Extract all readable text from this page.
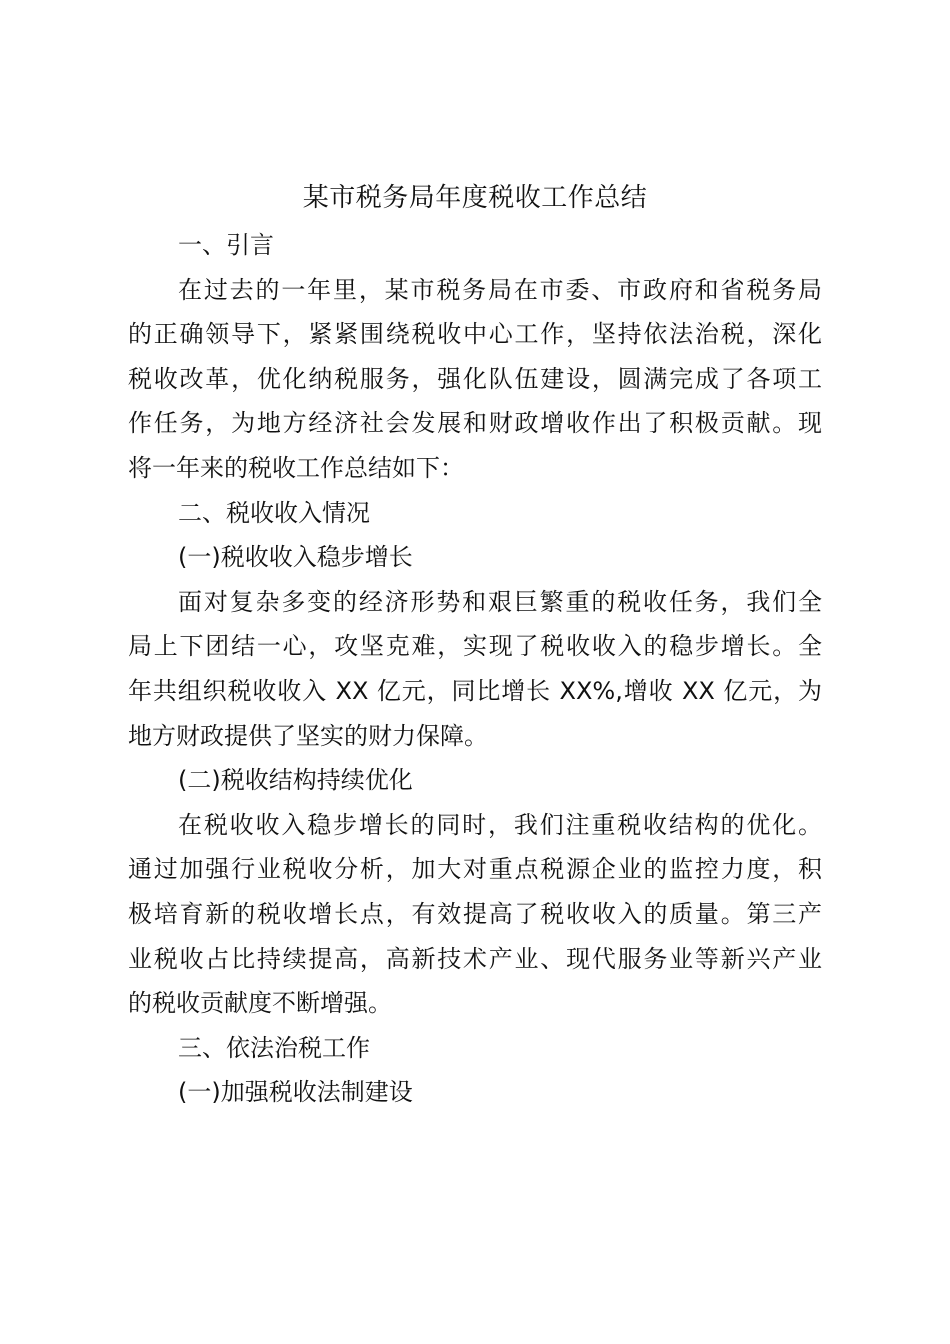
某市税务局年度税收工作总结
一、引言
在过去的一年里，某市税务局在市委、市政府和省税务局
的正确领导下，紧紧围绕税收中心工作，坚持依法治税，深化
税收改革，优化纳税服务，强化队伍建设，圆满完成了各项工
作任务，为地方经济社会发展和财政增收作出了积极贡献。现
将一年来的税收工作总结如下：
二、税收收入情况
(一)税收收入稳步增长
面对复杂多变的经济形势和艰巨繁重的税收任务，我们全
局上下团结一心，攻坚克难，实现了税收收入的稳步增长。全
年共组织税收收入 XX 亿元，同比增长 XX%,增收 XX 亿元，为
地方财政提供了坚实的财力保障。
(二)税收结构持续优化
在税收收入稳步增长的同时，我们注重税收结构的优化。
通过加强行业税收分析，加大对重点税源企业的监控力度，积
极培育新的税收增长点，有效提高了税收收入的质量。第三产
业税收占比持续提高，高新技术产业、现代服务业等新兴产业
的税收贡献度不断增强。
三、依法治税工作
(一)加强税收法制建设
